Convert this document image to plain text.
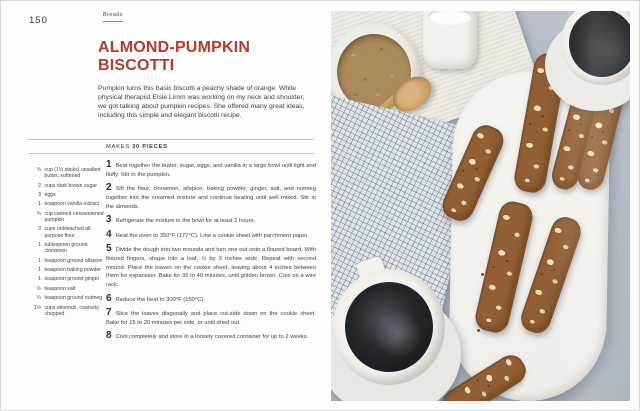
150	Breads
ALMOND-PUMPKIN BISCOTTI

Pumpkin turns this basic biscotti a peachy shade of orange. While physical therapist Elsie Limm was working on my neck and shoulder, we got talking about pumpkin recipes. She offered many great ideas, including this simple and elegant biscotti recipe.

MAKES 30 PIECES
¾ cup (1½ sticks) unsalted butter, softened
2 cups dark brown sugar
3 eggs
1 teaspoon vanilla extract
¾ cup canned unsweetened pumpkin
3 cups unbleached all-purpose flour
1 tablespoon ground cinnamon
1 teaspoon ground allspice
1 teaspoon baking powder
1 teaspoon ground ginger
½ teaspoon salt
¼ teaspoon ground nutmeg
1½ cups almonds, coarsely chopped

1 Beat together the butter, sugar, eggs, and vanilla in a large bowl until light and fluffy. Stir in the pumpkin.

2 Sift the flour, cinnamon, allspice, baking powder, ginger, salt, and nutmeg together into the creamed mixture and continue beating until well mixed. Stir in the almonds.

3 Refrigerate the mixture in the bowl for at least 2 hours.

4 Heat the oven to 350°F (177°C). Line a cookie sheet with parchment paper.

5 Divide the dough into two mounds and turn one out onto a floured board. With floured fingers, shape into a loaf, ½ by 3 inches wide. Repeat with second mound. Place the loaves on the cookie sheet, leaving about 4 inches between them for expansion. Bake for 35 to 40 minutes, until golden brown. Cool on a wire rack.

6 Reduce the heat to 300°F (150°C).

7 Slice the loaves diagonally and place cut-side down on the cookie sheet. Bake for 15 to 20 minutes per side, or until dried out.

8 Cool completely and store in a loosely covered container for up to 2 weeks.
